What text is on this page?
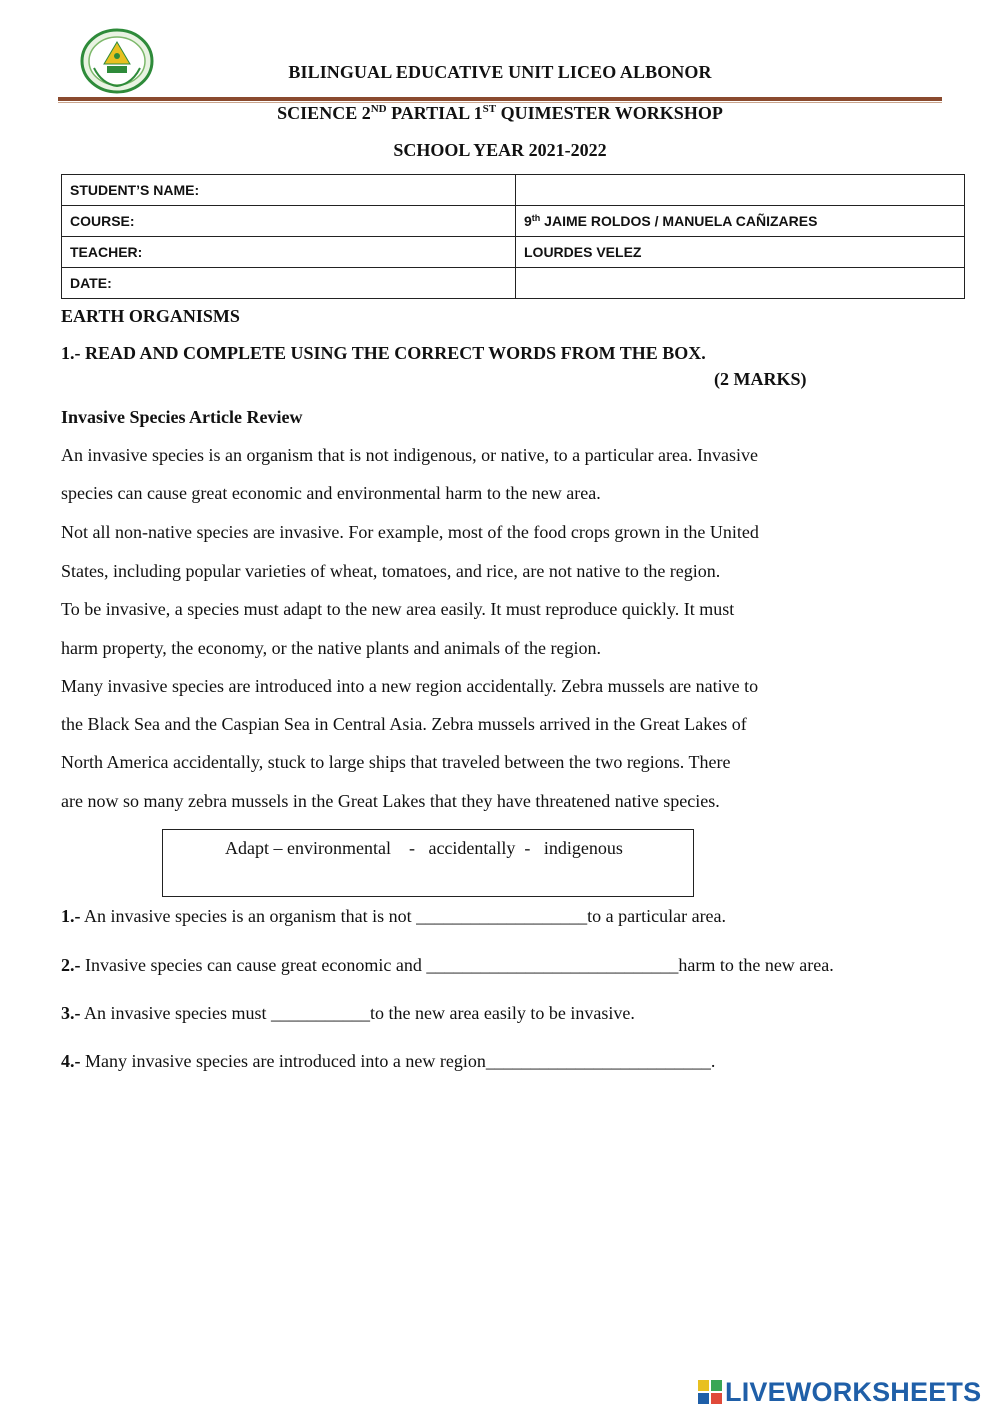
BILINGUAL EDUCATIVE UNIT LICEO ALBONOR
SCIENCE 2ND PARTIAL 1ST QUIMESTER WORKSHOP
SCHOOL YEAR 2021-2022
STUDENT’S NAME:	
COURSE:	9th JAIME ROLDOS / MANUELA CAÑIZARES
TEACHER:	LOURDES VELEZ
DATE:	
EARTH ORGANISMS
1.- READ AND COMPLETE USING THE CORRECT WORDS FROM THE BOX.
(2 MARKS)
Invasive Species Article Review
An invasive species is an organism that is not indigenous, or native, to a particular area. Invasive
species can cause great economic and environmental harm to the new area.
Not all non-native species are invasive. For example, most of the food crops grown in the United
States, including popular varieties of wheat, tomatoes, and rice, are not native to the region.
To be invasive, a species must adapt to the new area easily. It must reproduce quickly. It must
harm property, the economy, or the native plants and animals of the region.
Many invasive species are introduced into a new region accidentally. Zebra mussels are native to
the Black Sea and the Caspian Sea in Central Asia. Zebra mussels arrived in the Great Lakes of
North America accidentally, stuck to large ships that traveled between the two regions. There
are now so many zebra mussels in the Great Lakes that they have threatened native species.
Adapt – environmental    -   accidentally  -   indigenous
1.- An invasive species is an organism that is not ___________________to a particular area.
2.- Invasive species can cause great economic and ____________________________harm to the new area.
3.- An invasive species must ___________to the new area easily to be invasive.
4.- Many invasive species are introduced into a new region_________________________.
LIVEWORKSHEETS
